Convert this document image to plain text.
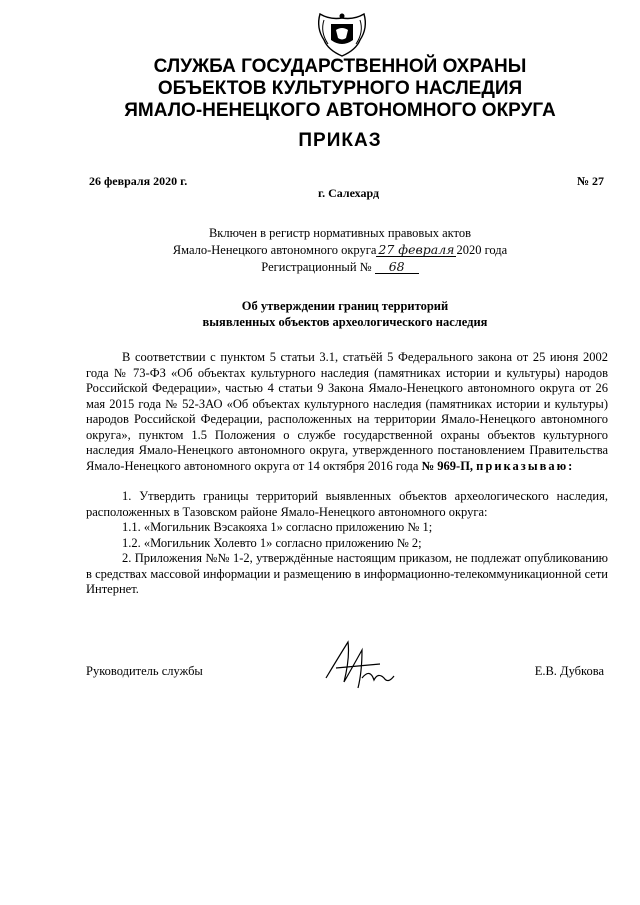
СЛУЖБА ГОСУДАРСТВЕННОЙ ОХРАНЫ
ОБЪЕКТОВ КУЛЬТУРНОГО НАСЛЕДИЯ
ЯМАЛО-НЕНЕЦКОГО АВТОНОМНОГО ОКРУГА
ПРИКАЗ
26 февраля 2020 г.	№ 27
г. Салехард
Включен в регистр нормативных правовых актов
Ямало-Ненецкого автономного округа 27 февраля 2020 года
Регистрационный № 68
Об утверждении границ территорий
выявленных объектов археологического наследия

В соответствии с пунктом 5 статьи 3.1, статьёй 5 Федерального закона от 25 июня 2002 года № 73-ФЗ «Об объектах культурного наследия (памятниках истории и культуры) народов Российской Федерации», частью 4 статьи 9 Закона Ямало-Ненецкого автономного округа от 26 мая 2015 года № 52-ЗАО «Об объектах культурного наследия (памятниках истории и культуры) народов Российской Федерации, расположенных на территории Ямало-Ненецкого автономного округа», пунктом 1.5 Положения о службе государственной охраны объектов культурного наследия Ямало-Ненецкого автономного округа, утвержденного постановлением Правительства Ямало-Ненецкого автономного округа от 14 октября 2016 года № 969-П, приказываю:

1. Утвердить границы территорий выявленных объектов археологического наследия, расположенных в Тазовском районе Ямало-Ненецкого автономного округа:

1.1. «Могильник Вэсакояха 1» согласно приложению № 1;

1.2. «Могильник Холевто 1» согласно приложению № 2;

2. Приложения №№ 1-2, утверждённые настоящим приказом, не подлежат опубликованию в средствах массовой информации и размещению в информационно-телекоммуникационной сети Интернет.

Руководитель службы	Е.В. Дубкова
